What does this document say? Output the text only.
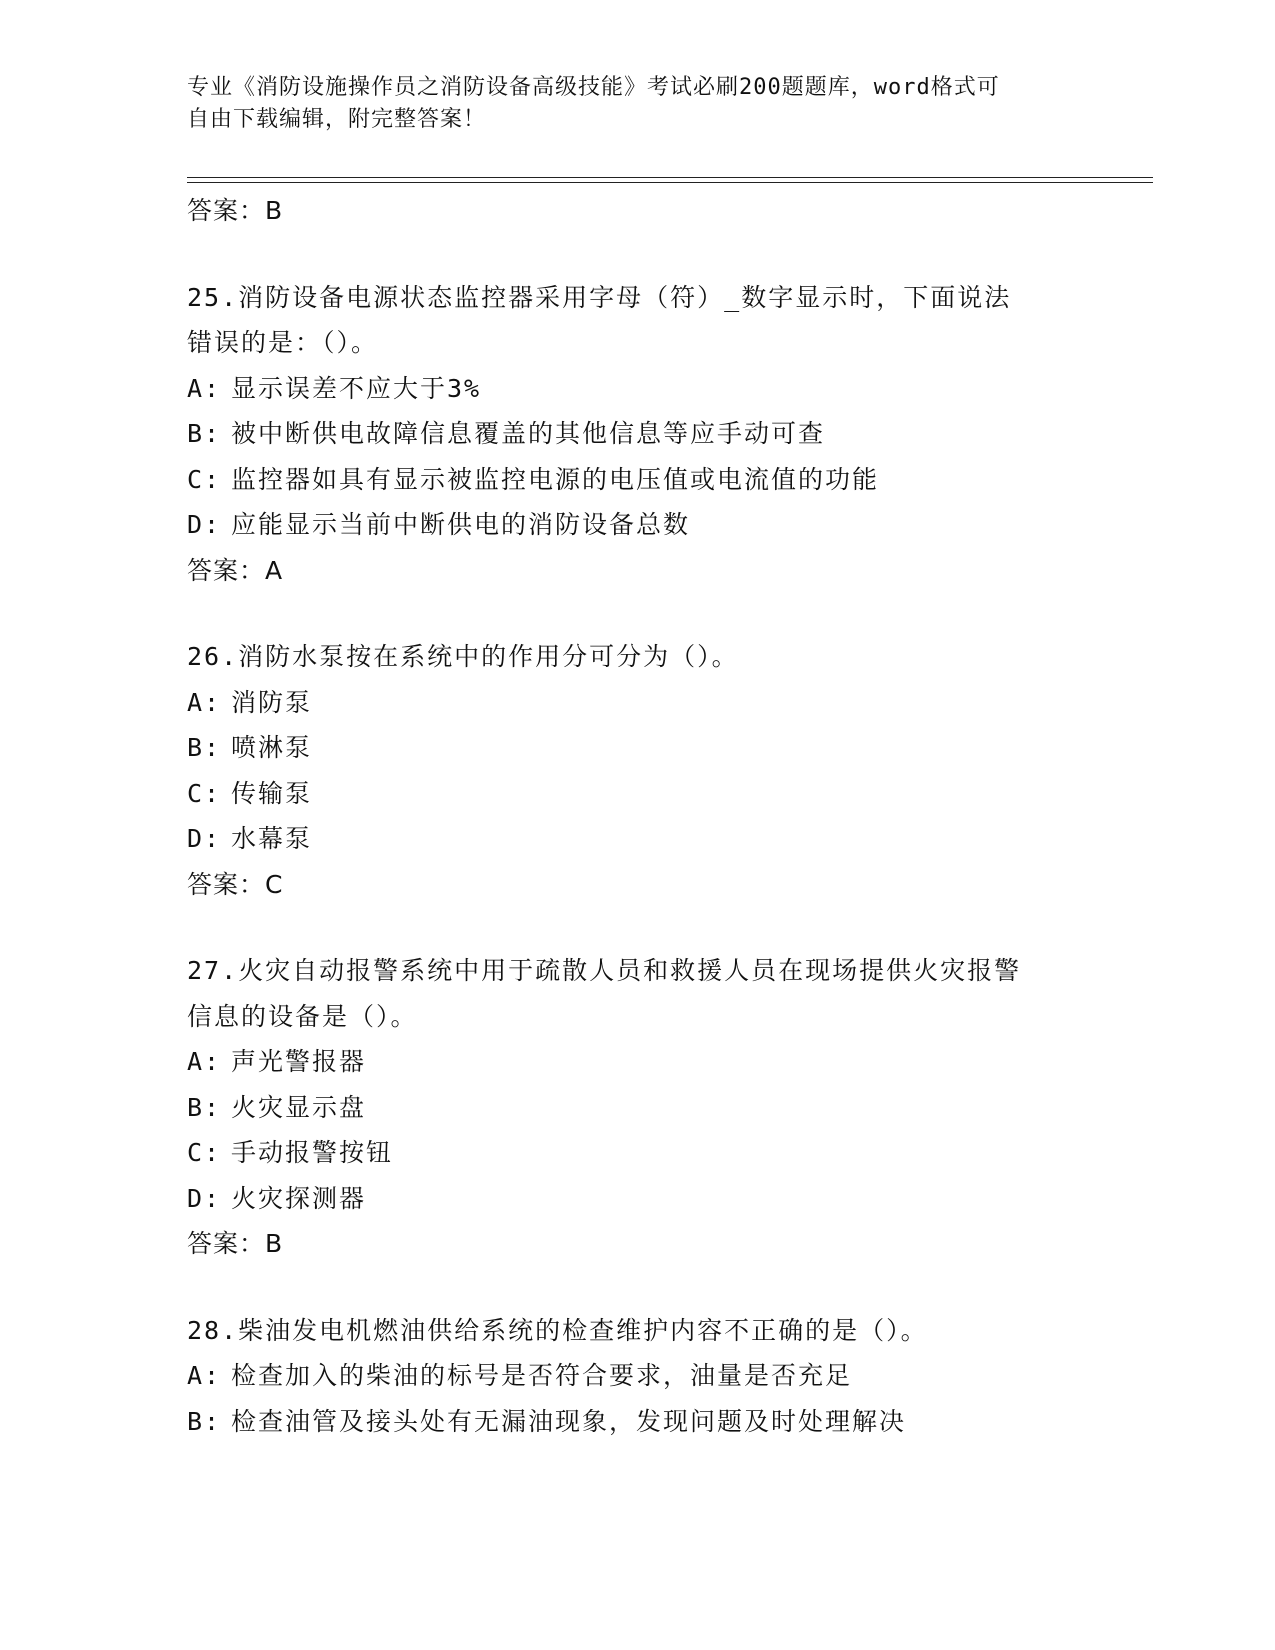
专业《消防设施操作员之消防设备高级技能》考试必刷200题题库，word格式可
自由下载编辑，附完整答案！
答案：B
25.消防设备电源状态监控器采用字母（符）_数字显示时，下面说法
错误的是：（）。
A: 显示误差不应大于3%
B: 被中断供电故障信息覆盖的其他信息等应手动可查
C: 监控器如具有显示被监控电源的电压值或电流值的功能
D: 应能显示当前中断供电的消防设备总数
答案：A
26.消防水泵按在系统中的作用分可分为（）。
A: 消防泵
B: 喷淋泵
C: 传输泵
D: 水幕泵
答案：C
27.火灾自动报警系统中用于疏散人员和救援人员在现场提供火灾报警
信息的设备是（）。
A: 声光警报器
B: 火灾显示盘
C: 手动报警按钮
D: 火灾探测器
答案：B
28.柴油发电机燃油供给系统的检查维护内容不正确的是（）。
A: 检查加入的柴油的标号是否符合要求，油量是否充足
B: 检查油管及接头处有无漏油现象，发现问题及时处理解决
